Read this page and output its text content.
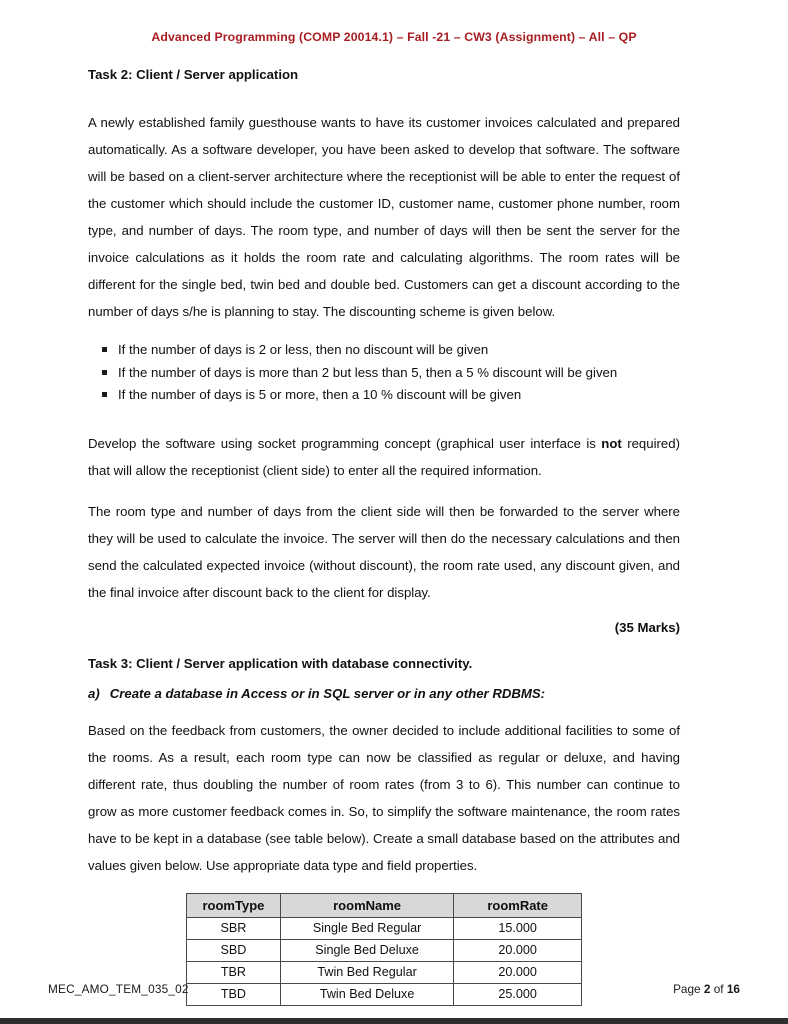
Advanced Programming (COMP 20014.1) – Fall -21 – CW3 (Assignment) – All – QP
Task 2: Client / Server application

A newly established family guesthouse wants to have its customer invoices calculated and prepared automatically. As a software developer, you have been asked to develop that software. The software will be based on a client-server architecture where the receptionist will be able to enter the request of the customer which should include the customer ID, customer name, customer phone number, room type, and number of days. The room type, and number of days will then be sent the server for the invoice calculations as it holds the room rate and calculating algorithms. The room rates will be different for the single bed, twin bed and double bed. Customers can get a discount according to the number of days s/he is planning to stay. The discounting scheme is given below.

If the number of days is 2 or less, then no discount will be given
If the number of days is more than 2 but less than 5, then a 5 % discount will be given
If the number of days is 5 or more, then a 10 % discount will be given

Develop the software using socket programming concept (graphical user interface is not required) that will allow the receptionist (client side) to enter all the required information.

The room type and number of days from the client side will then be forwarded to the server where they will be used to calculate the invoice. The server will then do the necessary calculations and then send the calculated expected invoice (without discount), the room rate used, any discount given, and the final invoice after discount back to the client for display.

(35 Marks)

Task 3: Client / Server application with database connectivity.
a) Create a database in Access or in SQL server or in any other RDBMS:

Based on the feedback from customers, the owner decided to include additional facilities to some of the rooms. As a result, each room type can now be classified as regular or deluxe, and having different rate, thus doubling the number of room rates (from 3 to 6). This number can continue to grow as more customer feedback comes in. So, to simplify the software maintenance, the room rates have to be kept in a database (see table below). Create a small database based on the attributes and values given below. Use appropriate data type and field properties.

roomType	roomName	roomRate
SBR	Single Bed Regular	15.000
SBD	Single Bed Deluxe	20.000
TBR	Twin Bed Regular	20.000
TBD	Twin Bed Deluxe	25.000
MEC_AMO_TEM_035_02	Page 2 of 16
